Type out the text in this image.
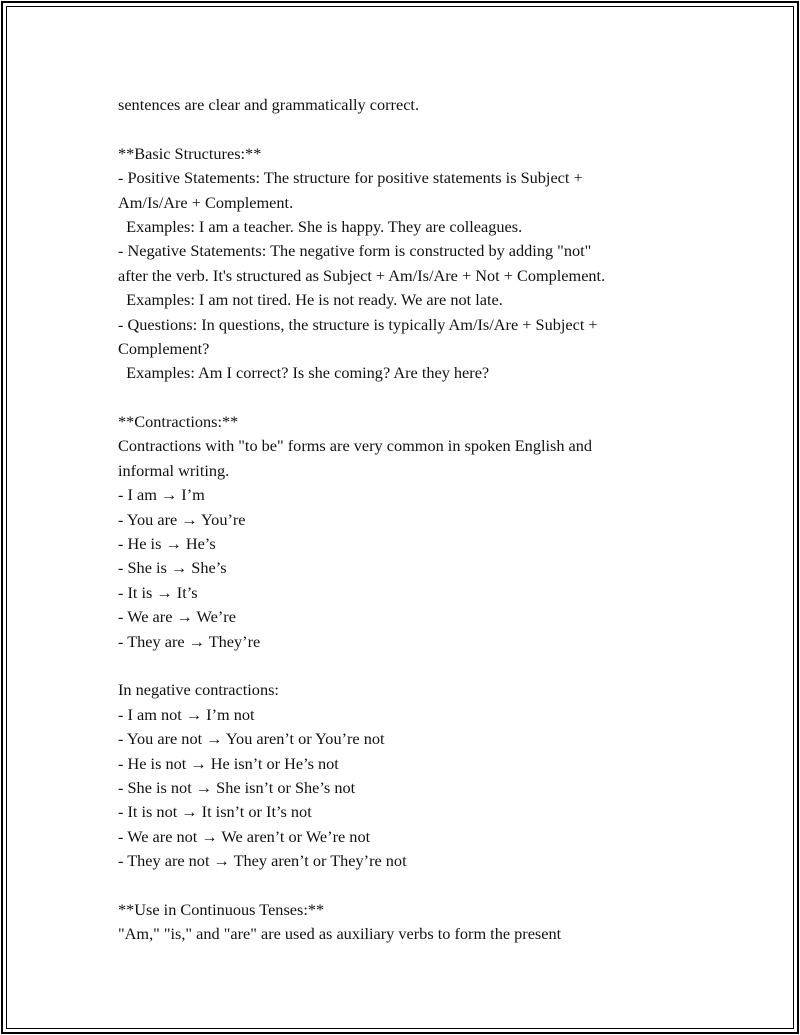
sentences are clear and grammatically correct.
**Basic Structures:**
- Positive Statements: The structure for positive statements is Subject +
Am/Is/Are + Complement.
Examples: I am a teacher. She is happy. They are colleagues.
- Negative Statements: The negative form is constructed by adding "not"
after the verb. It's structured as Subject + Am/Is/Are + Not + Complement.
Examples: I am not tired. He is not ready. We are not late.
- Questions: In questions, the structure is typically Am/Is/Are + Subject +
Complement?
Examples: Am I correct? Is she coming? Are they here?
**Contractions:**
Contractions with "to be" forms are very common in spoken English and
informal writing.
- I am → I’m
- You are → You’re
- He is → He’s
- She is → She’s
- It is → It’s
- We are → We’re
- They are → They’re
In negative contractions:
- I am not → I’m not
- You are not → You aren’t or You’re not
- He is not → He isn’t or He’s not
- She is not → She isn’t or She’s not
- It is not → It isn’t or It’s not
- We are not → We aren’t or We’re not
- They are not → They aren’t or They’re not
**Use in Continuous Tenses:**
"Am," "is," and "are" are used as auxiliary verbs to form the present
